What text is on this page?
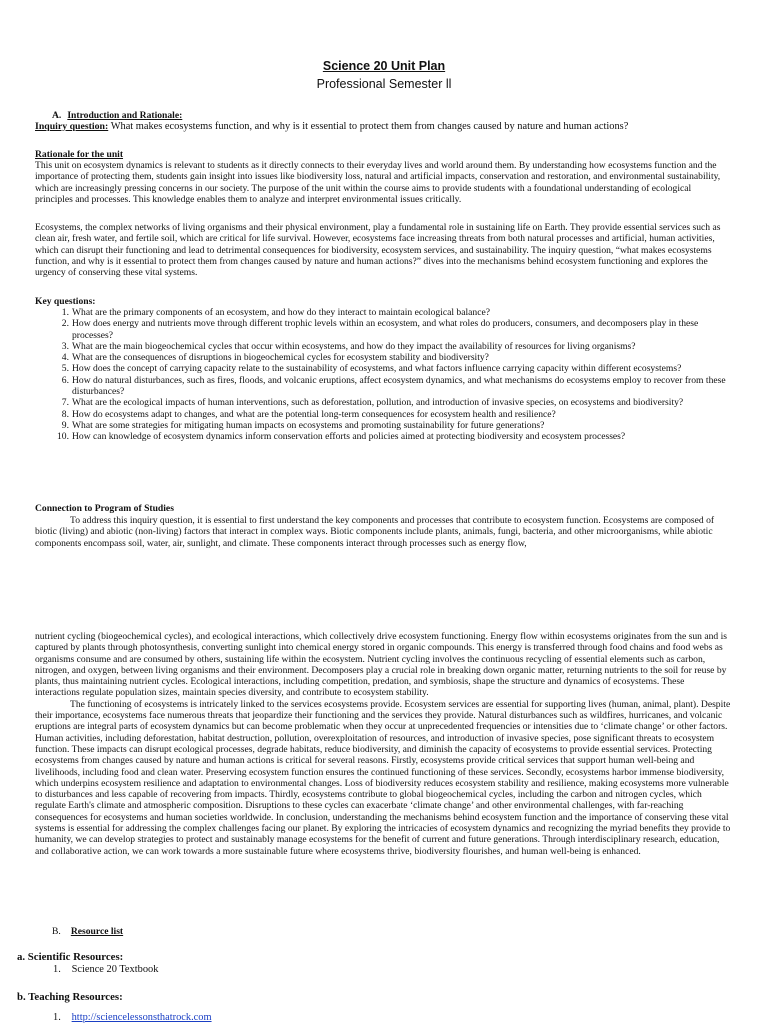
Science 20 Unit Plan
Professional Semester ll
A. Introduction and Rationale:
Inquiry question: What makes ecosystems function, and why is it essential to protect them from changes caused by nature and human actions?
Rationale for the unit
This unit on ecosystem dynamics is relevant to students as it directly connects to their everyday lives and world around them. By understanding how ecosystems function and the importance of protecting them, students gain insight into issues like biodiversity loss, natural and artificial impacts, conservation and restoration, and environmental sustainability, which are increasingly pressing concerns in our society. The purpose of the unit within the course aims to provide students with a foundational understanding of ecological principles and processes. This knowledge enables them to analyze and interpret environmental issues critically.
Ecosystems, the complex networks of living organisms and their physical environment, play a fundamental role in sustaining life on Earth. They provide essential services such as clean air, fresh water, and fertile soil, which are critical for life survival. However, ecosystems face increasing threats from both natural processes and artificial, human activities, which can disrupt their functioning and lead to detrimental consequences for biodiversity, ecosystem services, and sustainability. The inquiry question, “what makes ecosystems function, and why is it essential to protect them from changes caused by nature and human actions?” dives into the mechanisms behind ecosystem functioning and explores the urgency of conserving these vital systems.
Key questions:
1. What are the primary components of an ecosystem, and how do they interact to maintain ecological balance?
2. How does energy and nutrients move through different trophic levels within an ecosystem, and what roles do producers, consumers, and decomposers play in these processes?
3. What are the main biogeochemical cycles that occur within ecosystems, and how do they impact the availability of resources for living organisms?
4. What are the consequences of disruptions in biogeochemical cycles for ecosystem stability and biodiversity?
5. How does the concept of carrying capacity relate to the sustainability of ecosystems, and what factors influence carrying capacity within different ecosystems?
6. How do natural disturbances, such as fires, floods, and volcanic eruptions, affect ecosystem dynamics, and what mechanisms do ecosystems employ to recover from these disturbances?
7. What are the ecological impacts of human interventions, such as deforestation, pollution, and introduction of invasive species, on ecosystems and biodiversity?
8. How do ecosystems adapt to changes, and what are the potential long-term consequences for ecosystem health and resilience?
9. What are some strategies for mitigating human impacts on ecosystems and promoting sustainability for future generations?
10. How can knowledge of ecosystem dynamics inform conservation efforts and policies aimed at protecting biodiversity and ecosystem processes?
Connection to Program of Studies
To address this inquiry question, it is essential to first understand the key components and processes that contribute to ecosystem function. Ecosystems are composed of biotic (living) and abiotic (non-living) factors that interact in complex ways. Biotic components include plants, animals, fungi, bacteria, and other microorganisms, while abiotic components encompass soil, water, air, sunlight, and climate. These components interact through processes such as energy flow,
nutrient cycling (biogeochemical cycles), and ecological interactions, which collectively drive ecosystem functioning. Energy flow within ecosystems originates from the sun and is captured by plants through photosynthesis, converting sunlight into chemical energy stored in organic compounds. This energy is transferred through food chains and food webs as organisms consume and are consumed by others, sustaining life within the ecosystem. Nutrient cycling involves the continuous recycling of essential elements such as carbon, nitrogen, and oxygen, between living organisms and their environment. Decomposers play a crucial role in breaking down organic matter, returning nutrients to the soil for reuse by plants, thus maintaining nutrient cycles. Ecological interactions, including competition, predation, and symbiosis, shape the structure and dynamics of ecosystems. These interactions regulate population sizes, maintain species diversity, and contribute to ecosystem stability.
The functioning of ecosystems is intricately linked to the services ecosystems provide. Ecosystem services are essential for supporting lives (human, animal, plant). Despite their importance, ecosystems face numerous threats that jeopardize their functioning and the services they provide. Natural disturbances such as wildfires, hurricanes, and volcanic eruptions are integral parts of ecosystem dynamics but can become problematic when they occur at unprecedented frequencies or intensities due to ‘climate change’ or other factors. Human activities, including deforestation, habitat destruction, pollution, overexploitation of resources, and introduction of invasive species, pose significant threats to ecosystem function. These impacts can disrupt ecological processes, degrade habitats, reduce biodiversity, and diminish the capacity of ecosystems to provide essential services. Protecting ecosystems from changes caused by nature and human actions is critical for several reasons. Firstly, ecosystems provide critical services that support human well-being and livelihoods, including food and clean water. Preserving ecosystem function ensures the continued functioning of these services. Secondly, ecosystems harbor immense biodiversity, which underpins ecosystem resilience and adaptation to environmental changes. Loss of biodiversity reduces ecosystem stability and resilience, making ecosystems more vulnerable to disturbances and less capable of recovering from impacts. Thirdly, ecosystems contribute to global biogeochemical cycles, including the carbon and nitrogen cycles, which regulate Earth's climate and atmospheric composition. Disruptions to these cycles can exacerbate ‘climate change’ and other environmental challenges, with far-reaching consequences for ecosystems and human societies worldwide. In conclusion, understanding the mechanisms behind ecosystem function and the importance of conserving these vital systems is essential for addressing the complex challenges facing our planet. By exploring the intricacies of ecosystem dynamics and recognizing the myriad benefits they provide to humanity, we can develop strategies to protect and sustainably manage ecosystems for the benefit of current and future generations. Through interdisciplinary research, education, and collaborative action, we can work towards a more sustainable future where ecosystems thrive, biodiversity flourishes, and human well-being is enhanced.
B. Resource list
a. Scientific Resources:
1. Science 20 Textbook
b. Teaching Resources:
1. http://sciencelessonsthatrock.com
